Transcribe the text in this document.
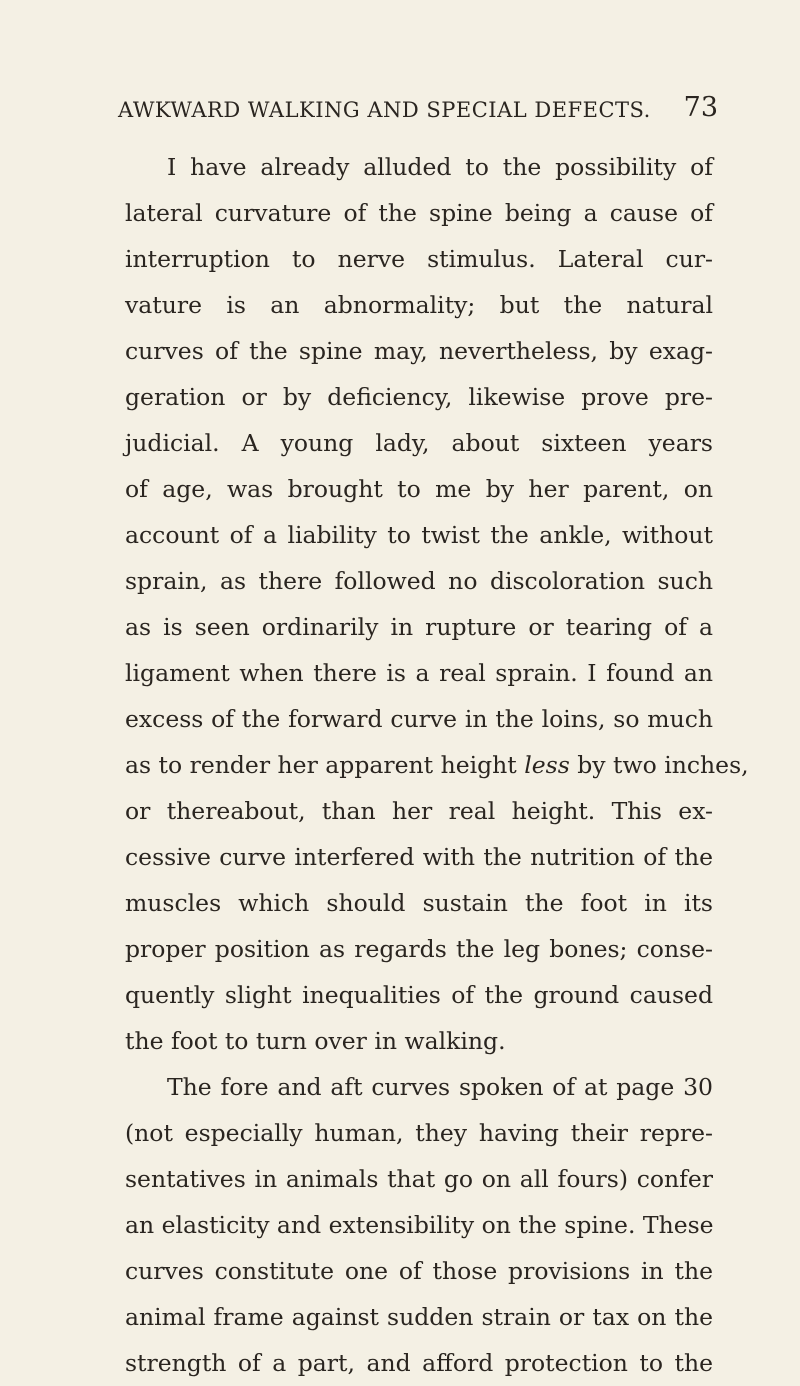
AWKWARD WALKING AND SPECIAL DEFECTS. 73
I have already alluded to the possibility of
lateral curvature of the spine being a cause of
interruption to nerve stimulus. Lateral cur-
vature is an abnormality; but the natural
curves of the spine may, nevertheless, by exag-
geration or by deficiency, likewise prove pre-
judicial. A young lady, about sixteen years
of age, was brought to me by her parent, on
account of a liability to twist the ankle, without
sprain, as there followed no discoloration such
as is seen ordinarily in rupture or tearing of a
ligament when there is a real sprain. I found an
excess of the forward curve in the loins, so much
as to render her apparent height less by two inches,
or thereabout, than her real height. This ex-
cessive curve interfered with the nutrition of the
muscles which should sustain the foot in its
proper position as regards the leg bones; conse-
quently slight inequalities of the ground caused
the foot to turn over in walking.
The fore and aft curves spoken of at page 30
(not especially human, they having their repre-
sentatives in animals that go on all fours) confer
an elasticity and extensibility on the spine. These
curves constitute one of those provisions in the
animal frame against sudden strain or tax on the
strength of a part, and afford protection to the
